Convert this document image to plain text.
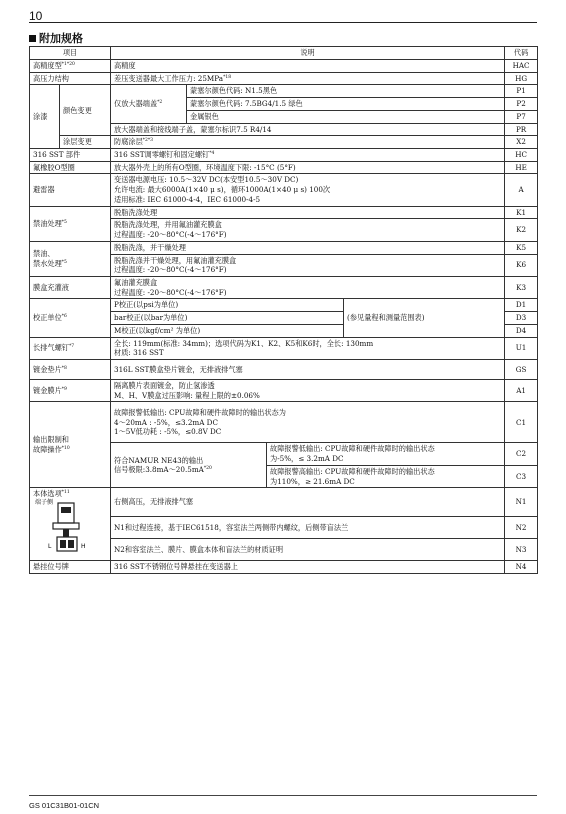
10
附加规格
项目		说明				代码
高精度型$^{*1*20}$		高精度				HAC
高压力结构		差压变送器最大工作压力: 25MPa$^{*18}$				HG
涂漆	颜色变更	仅放大器端盖$^{*2}$	蒙塞尔颜色代码: N1.5黑色			P1
			蒙塞尔颜色代码: 7.5BG4/1.5 绿色			P2
			金属银色			P7
		放大器端盖和接线端子盖，蒙塞尔标识7.5 R4/14				PR
	涂层变更	防腐涂层$^{*2*3}$				X2
316 SST 部件		316 SST调零螺钉和固定螺钉$^{*4}$				HC
氟橡胶O型圈		放大器外壳上的所有O型圈，环境温度下限: -15°C (5°F)				HE
避雷器		变送器电源电压: 10.5～32V DC(本安型10.5～30V DC)
允许电流: 最大6000A(1×40 μ s)，循环1000A(1×40 μ s) 100次
适用标准: IEC 61000-4-4，IEC 61000-4-5				A
禁油处理$^{*5}$		脱脂洗涤处理				K1

		脱脂洗涤处理，并用氟油灌充膜盒
过程温度: -20～80°C(-4～176°F)				K2

禁油、
禁水处理$^{*5}$		脱脂洗涤，并干燥处理				K5

		脱脂洗涤并干燥处理，用氟油灌充膜盒
过程温度: -20～80°C(-4～176°F)				K6
膜盒充灌液		氟油灌充膜盒
过程温度: -20～80°C(-4～176°F)				K3
校正单位$^{*6}$		P校正(以psi为单位)			(参见量程和测量范围表)	D1
		bar校正(以bar为单位)				D3
		M校正(以kgf/cm² 为单位)				D4
长排气螺钉$^{*7}$		全长: 119mm(标准: 34mm)；选项代码为K1、K2、K5和K6时，全长: 130mm
材质: 316 SST				U1
镀金垫片$^{*8}$		316L SST膜盒垫片镀金，无排液排气塞				GS
镀金膜片$^{*9}$		隔离膜片表面镀金，防止氢渗透
M、H、V膜盒过压影响: 量程上限的±0.06%				A1

输出限制和
故障操作$^{*10}$		故障报警低输出: CPU故障和硬件故障时的输出状态为
4～20mA : -5%，≤3.2mA DC
1～5V低功耗 : -5%，≤0.8V DC				C1

		符合NAMUR NE43的输出
信号极限$:3.8mA\sim 20.5mA^{*20}$		故障报警低输出: CPU故障和硬件故障时的输出状态
为-5%，≤ 3.2mA DC		C2

				故障报警高输出: CPU故障和硬件故障时的输出状态
为110%，≥ 21.6mA DC		C3

本体选项$^{*11}$
端子侧
L H		右侧高压，无排液排气塞				N1
		N1和过程连接，基于IEC61518，容室法兰两侧带内螺纹，后侧带盲法兰				N2
		N2和容室法兰、膜片、膜盒本体和盲法兰的材质证明				N3
悬挂位号牌		316 SST不锈钢位号牌悬挂在变送器上				N4
GS 01C31B01-01CN
